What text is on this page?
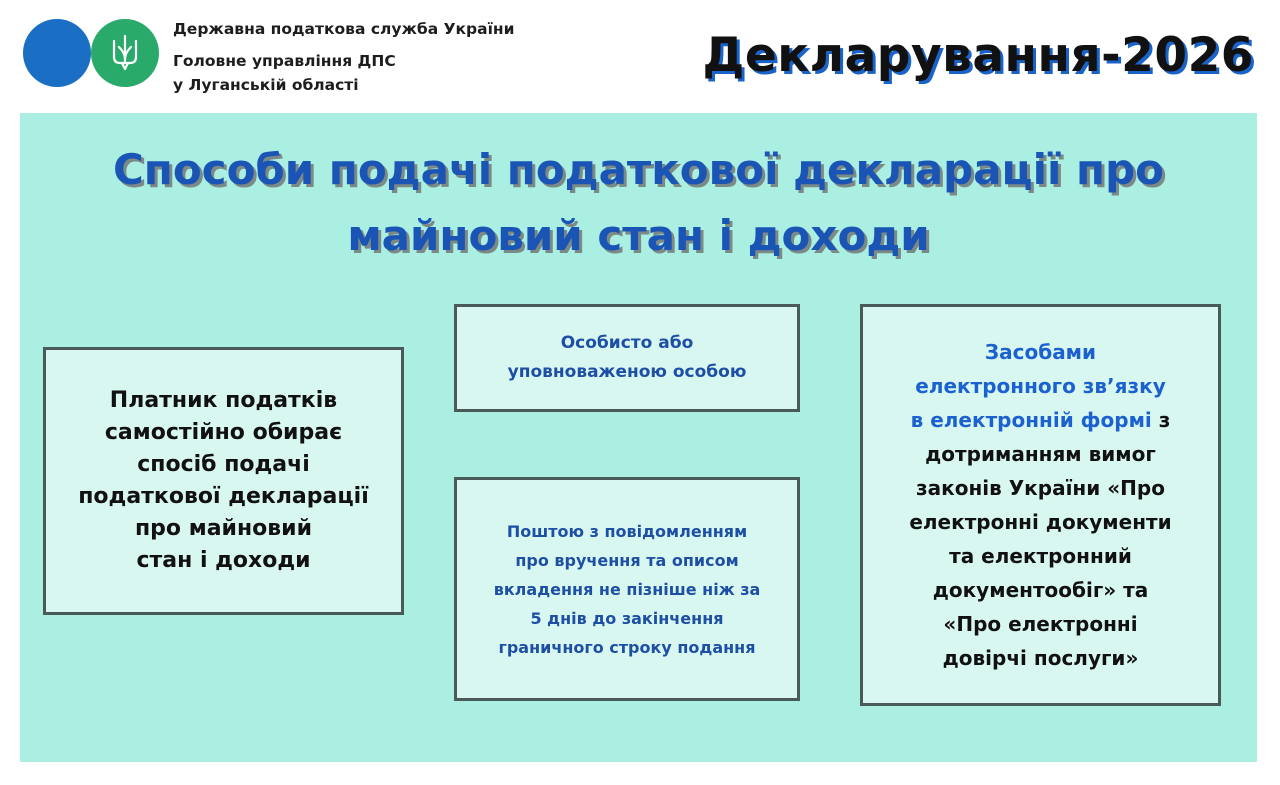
Державна податкова служба України
Головне управління ДПС
у Луганській області
Декларування-2026
Способи подачі податкової декларації про
майновий стан і доходи
Платник податків
самостійно обирає
спосіб подачі
податкової декларації
про майновий
стан і доходи
Особисто або
уповноваженою особою
Поштою з повідомленням
про вручення та описом
вкладення не пізніше ніж за
5 днів до закінчення
граничного строку подання
Засобами
електронного зв’язку
в електронній формі з
дотриманням вимог
законів України «Про
електронні документи
та електронний
документообіг» та
«Про електронні
довірчі послуги»
